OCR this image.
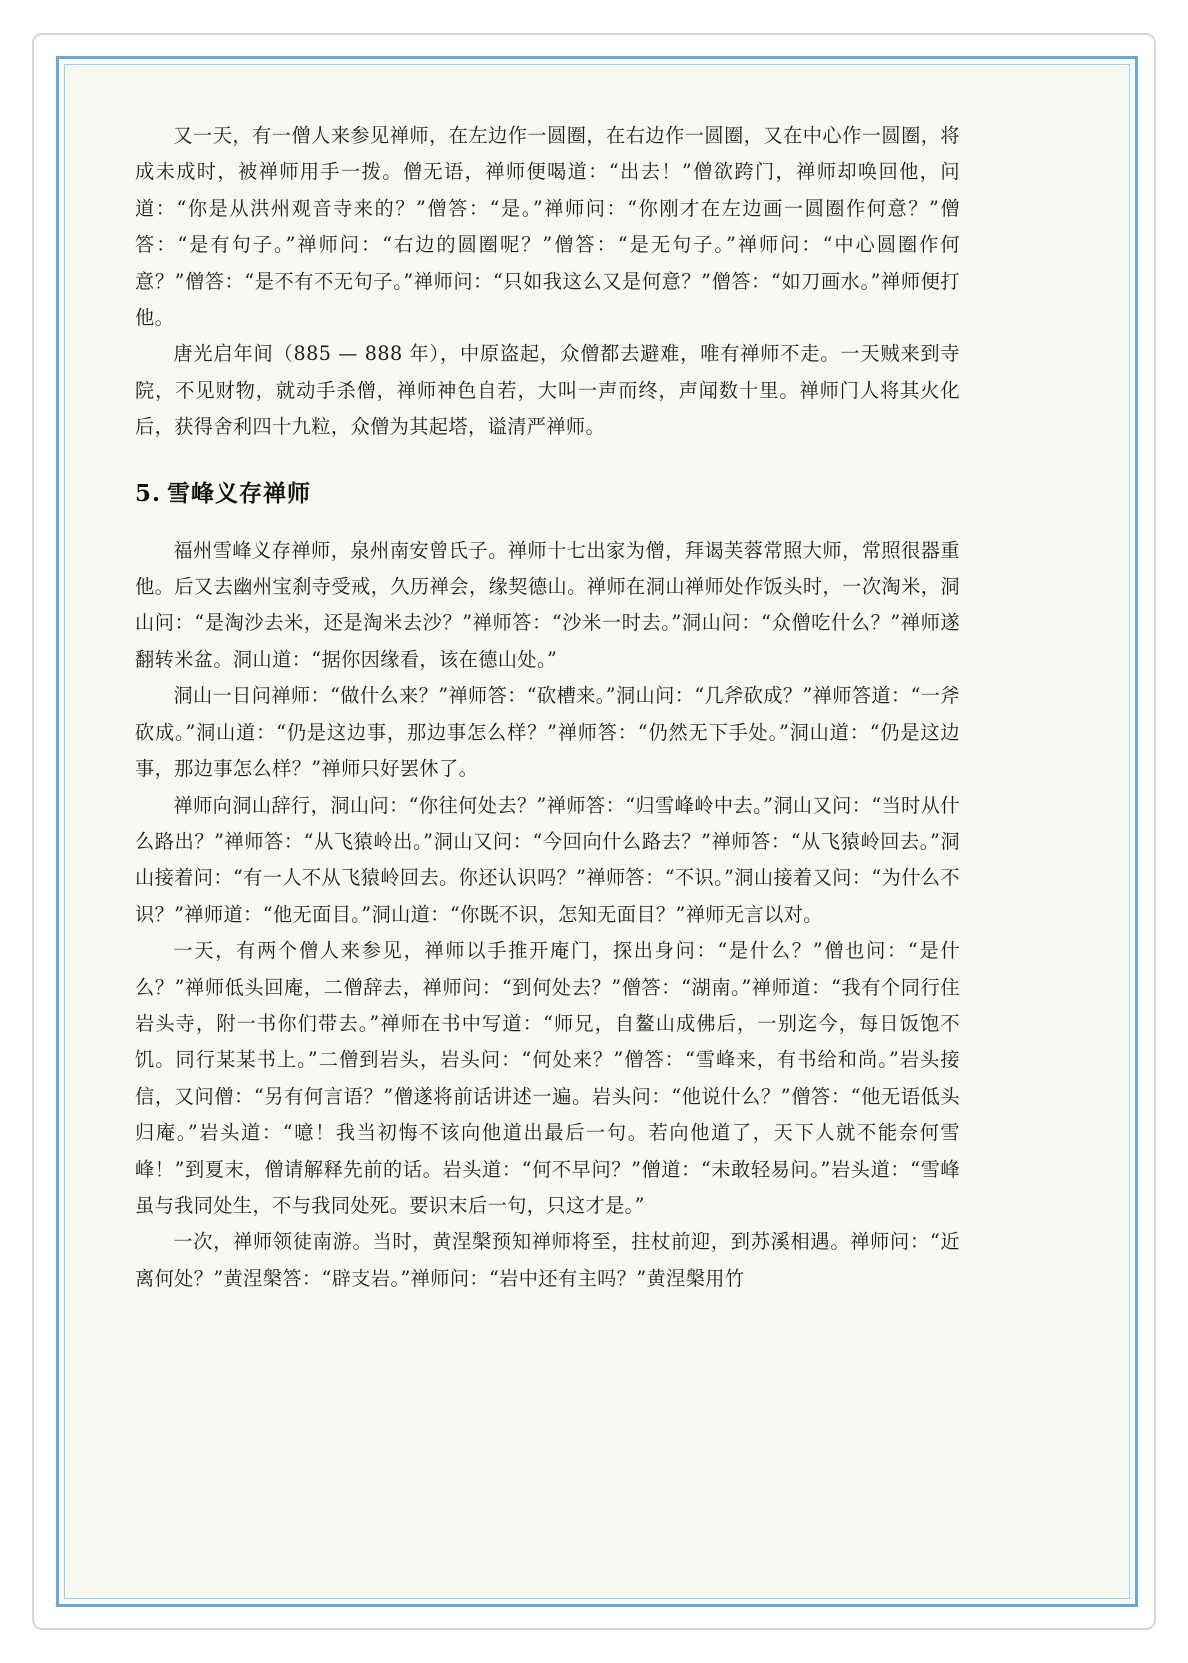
又一天，有一僧人来参见禅师，在左边作一圆圈，在右边作一圆圈，又在中心作一圆圈，将成未成时，被禅师用手一拨。僧无语，禅师便喝道：“出去！”僧欲跨门，禅师却唤回他，问道：“你是从洪州观音寺来的？”僧答：“是。”禅师问：“你刚才在左边画一圆圈作何意？”僧答：“是有句子。”禅师问：“右边的圆圈呢？”僧答：“是无句子。”禅师问：“中心圆圈作何意？”僧答：“是不有不无句子。”禅师问：“只如我这么又是何意？”僧答：“如刀画水。”禅师便打他。

唐光启年间（885 — 888 年），中原盗起，众僧都去避难，唯有禅师不走。一天贼来到寺院，不见财物，就动手杀僧，禅师神色自若，大叫一声而终，声闻数十里。禅师门人将其火化后，获得舍利四十九粒，众僧为其起塔，谥清严禅师。

5. 雪峰义存禅师

福州雪峰义存禅师，泉州南安曾氏子。禅师十七出家为僧，拜谒芙蓉常照大师，常照很器重他。后又去幽州宝刹寺受戒，久历禅会，缘契德山。禅师在洞山禅师处作饭头时，一次淘米，洞山问：“是淘沙去米，还是淘米去沙？”禅师答：“沙米一时去。”洞山问：“众僧吃什么？”禅师遂翻转米盆。洞山道：“据你因缘看，该在德山处。”

洞山一日问禅师：“做什么来？”禅师答：“砍槽来。”洞山问：“几斧砍成？”禅师答道：“一斧砍成。”洞山道：“仍是这边事，那边事怎么样？”禅师答：“仍然无下手处。”洞山道：“仍是这边事，那边事怎么样？”禅师只好罢休了。

禅师向洞山辞行，洞山问：“你往何处去？”禅师答：“归雪峰岭中去。”洞山又问：“当时从什么路出？”禅师答：“从飞猿岭出。”洞山又问：“今回向什么路去？”禅师答：“从飞猿岭回去。”洞山接着问：“有一人不从飞猿岭回去。你还认识吗？”禅师答：“不识。”洞山接着又问：“为什么不识？”禅师道：“他无面目。”洞山道：“你既不识，怎知无面目？”禅师无言以对。

一天，有两个僧人来参见，禅师以手推开庵门，探出身问：“是什么？”僧也问：“是什么？”禅师低头回庵，二僧辞去，禅师问：“到何处去？”僧答：“湖南。”禅师道：“我有个同行住岩头寺，附一书你们带去。”禅师在书中写道：“师兄，自鳌山成佛后，一别迄今，每日饭饱不饥。同行某某书上。”二僧到岩头，岩头问：“何处来？”僧答：“雪峰来，有书给和尚。”岩头接信，又问僧：“另有何言语？”僧遂将前话讲述一遍。岩头问：“他说什么？”僧答：“他无语低头归庵。”岩头道：“噫！我当初悔不该向他道出最后一句。若向他道了，天下人就不能奈何雪峰！”到夏末，僧请解释先前的话。岩头道：“何不早问？”僧道：“未敢轻易问。”岩头道：“雪峰虽与我同处生，不与我同处死。要识末后一句，只这才是。”

一次，禅师领徒南游。当时，黄涅槃预知禅师将至，拄杖前迎，到苏溪相遇。禅师问：“近离何处？”黄涅槃答：“辟支岩。”禅师问：“岩中还有主吗？”黄涅槃用竹
